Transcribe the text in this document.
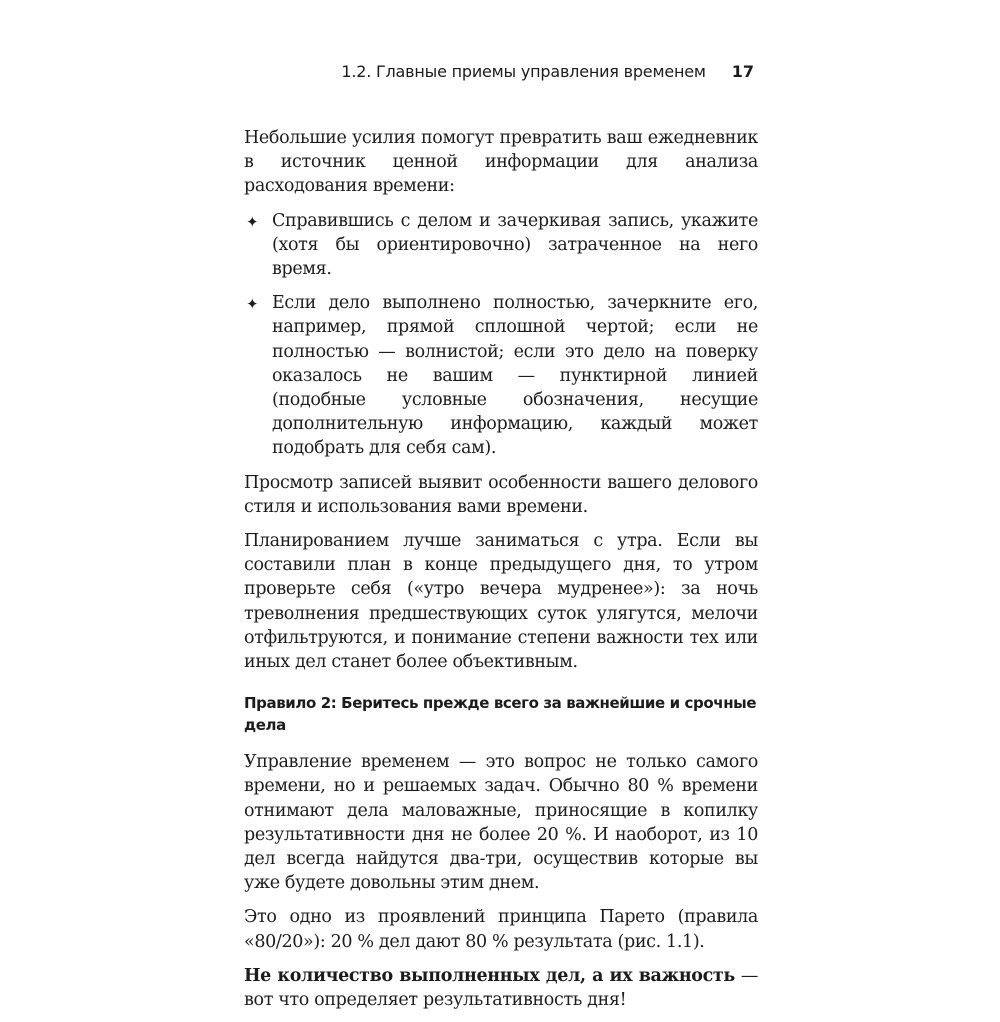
1.2. Главные приемы управления временем 17

Небольшие усилия помогут превратить ваш ежедневник в источник ценной информации для анализа расходования времени:

✦ Справившись с делом и зачеркивая запись, укажите (хотя бы ориентировочно) затраченное на него время.
✦ Если дело выполнено полностью, зачеркните его, например, прямой сплошной чертой; если не полностью — волнистой; если это дело на поверку оказалось не вашим — пунктирной линией (подобные условные обозначения, несущие дополнительную информацию, каждый может подобрать для себя сам).

Просмотр записей выявит особенности вашего делового стиля и использования вами времени.

Планированием лучше заниматься с утра. Если вы составили план в конце предыдущего дня, то утром проверьте себя («утро вечера мудренее»): за ночь треволнения предшествующих суток улягутся, мелочи отфильтруются, и понимание степени важности тех или иных дел станет более объективным.

Правило 2: Беритесь прежде всего за важнейшие и срочные дела

Управление временем — это вопрос не только самого времени, но и решаемых задач. Обычно 80 % времени отнимают дела маловажные, приносящие в копилку результативности дня не более 20 %. И наоборот, из 10 дел всегда найдутся два-три, осуществив которые вы уже будете довольны этим днем.

Это одно из проявлений принципа Парето (правила «80/20»): 20 % дел дают 80 % результата (рис. 1.1).

Не количество выполненных дел, а их важность — вот что определяет результативность дня!
